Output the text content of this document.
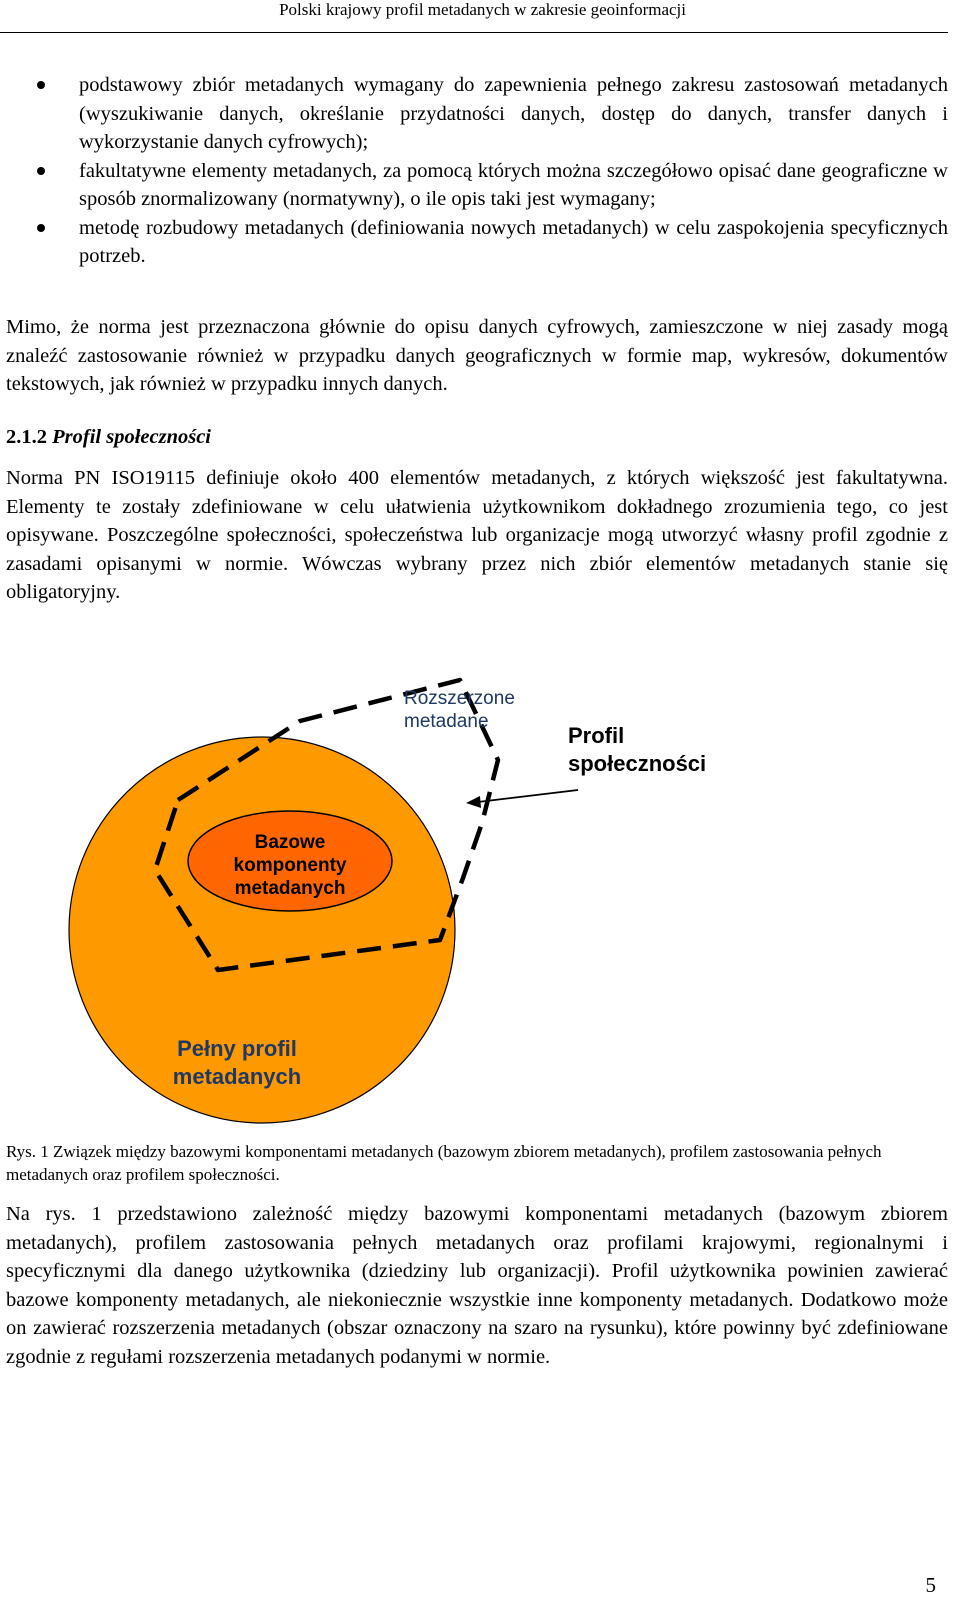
Polski krajowy profil metadanych w zakresie geoinformacji
podstawowy zbiór metadanych wymagany do zapewnienia pełnego zakresu zastosowań metadanych (wyszukiwanie danych, określanie przydatności danych, dostęp do danych, transfer danych i wykorzystanie danych cyfrowych);
fakultatywne elementy metadanych, za pomocą których można szczegółowo opisać dane geograficzne w sposób znormalizowany (normatywny), o ile opis taki jest wymagany;
metodę rozbudowy metadanych (definiowania nowych metadanych) w celu zaspokojenia specyficznych potrzeb.
Mimo, że norma jest przeznaczona głównie do opisu danych cyfrowych, zamieszczone w niej zasady mogą znaleźć zastosowanie również w przypadku danych geograficznych w formie map, wykresów, dokumentów tekstowych, jak również w przypadku innych danych.
2.1.2 Profil społeczności
Norma PN ISO19115 definiuje około 400 elementów metadanych, z których większość jest fakultatywna. Elementy te zostały zdefiniowane w celu ułatwienia użytkownikom dokładnego zrozumienia tego, co jest opisywane. Poszczególne społeczności, społeczeństwa lub organizacje mogą utworzyć własny profil zgodnie z zasadami opisanymi w normie. Wówczas wybrany przez nich zbiór elementów metadanych stanie się obligatoryjny.
Rozszerzone
metadane
Profil
społeczności
Bazowe
komponenty
metadanych
Pełny profil
metadanych
Rys. 1 Związek między bazowymi komponentami metadanych (bazowym zbiorem metadanych), profilem zastosowania pełnych metadanych oraz profilem społeczności.
Na rys. 1 przedstawiono zależność między bazowymi komponentami metadanych (bazowym zbiorem metadanych), profilem zastosowania pełnych metadanych oraz profilami krajowymi, regionalnymi i specyficznymi dla danego użytkownika (dziedziny lub organizacji). Profil użytkownika powinien zawierać bazowe komponenty metadanych, ale niekoniecznie wszystkie inne komponenty metadanych. Dodatkowo może on zawierać rozszerzenia metadanych (obszar oznaczony na szaro na rysunku), które powinny być zdefiniowane zgodnie z regułami rozszerzenia metadanych podanymi w normie.
5
